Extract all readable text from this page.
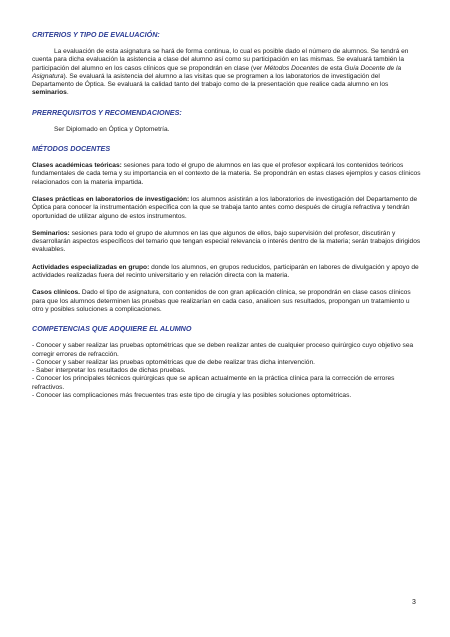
CRITERIOS Y TIPO DE EVALUACIÓN:

La evaluación de esta asignatura se hará de forma continua, lo cual es posible dado el número de alumnos. Se tendrá en cuenta para dicha evaluación la asistencia a clase del alumno así como su participación en las mismas. Se evaluará también la participación del alumno en los casos clínicos que se propondrán en clase (ver Métodos Docentes de esta Guía Docente de la Asignatura). Se evaluará la asistencia del alumno a las visitas que se programen a los laboratorios de investigación del Departamento de Óptica. Se evaluará la calidad tanto del trabajo como de la presentación que realice cada alumno en los seminarios.

PRERREQUISITOS Y RECOMENDACIONES:

Ser Diplomado en Óptica y Optometría.

MÉTODOS DOCENTES

Clases académicas teóricas: sesiones para todo el grupo de alumnos en las que el profesor explicará los contenidos teóricos fundamentales de cada tema y su importancia en el contexto de la materia. Se propondrán en estas clases ejemplos y casos clínicos relacionados con la materia impartida.

Clases prácticas en laboratorios de investigación: los alumnos asistirán a los laboratorios de investigación del Departamento de Óptica para conocer la instrumentación específica con la que se trabaja tanto antes como después de cirugía refractiva y tendrán oportunidad de utilizar alguno de estos instrumentos.

Seminarios: sesiones para todo el grupo de alumnos en las que algunos de ellos, bajo supervisión del profesor, discutirán y desarrollarán aspectos específicos del temario que tengan especial relevancia o interés dentro de la materia; serán trabajos dirigidos evaluables.

Actividades especializadas en grupo: donde los alumnos, en grupos reducidos, participarán en labores de divulgación y apoyo de actividades realizadas fuera del recinto universitario y en relación directa con la materia.

Casos clínicos. Dado el tipo de asignatura, con contenidos de con gran aplicación clínica, se propondrán en clase casos clínicos para que los alumnos determinen las pruebas que realizarían en cada caso, analicen sus resultados, propongan un tratamiento u otro y posibles soluciones a complicaciones.

COMPETENCIAS QUE ADQUIERE EL ALUMNO

- Conocer y saber realizar las pruebas optométricas que se deben realizar antes de cualquier proceso quirúrgico cuyo objetivo sea corregir errores de refracción.

- Conocer y saber realizar las pruebas optométricas que de debe realizar tras dicha intervención.

- Saber interpretar los resultados de dichas pruebas.

- Conocer los principales técnicos quirúrgicas que se aplican actualmente en la práctica clínica para la corrección de errores refractivos.

- Conocer las complicaciones más frecuentes tras este tipo de cirugía y las posibles soluciones optométricas.

3
